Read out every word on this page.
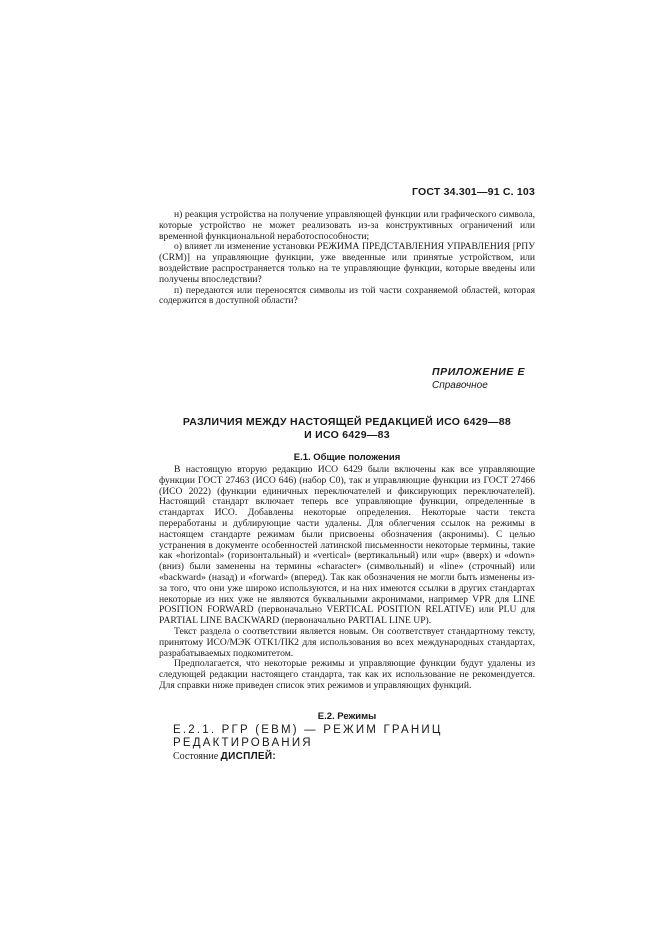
ГОСТ 34.301—91 С. 103

н) реакция устройства на получение управляющей функции или графического символа, которые устройство не может реализовать из-за конструктивных ограничений или временной функциональной неработоспособности;

о) влияет ли изменение установки РЕЖИМА ПРЕДСТАВЛЕНИЯ УПРАВЛЕНИЯ [РПУ (CRM)] на управляющие функции, уже введенные или принятые устройством, или воздействие распространяется только на те управляющие функции, которые введены или получены впоследствии?

п) передаются или переносятся символы из той части сохраняемой областей, которая содержится в доступной области?

ПРИЛОЖЕНИЕ Е
Справочное
РАЗЛИЧИЯ МЕЖДУ НАСТОЯЩЕЙ РЕДАКЦИЕЙ ИСО 6429—88
И ИСО 6429—83
Е.1. Общие положения

В настоящую вторую редакцию ИСО 6429 были включены как все управляющие функции ГОСТ 27463 (ИСО 646) (набор С0), так и управляющие функции из ГОСТ 27466 (ИСО 2022) (функции единичных переключателей и фиксирующих переключателей). Настоящий стандарт включает теперь все управляющие функции, определенные в стандартах ИСО. Добавлены некоторые определения. Некоторые части текста переработаны и дублирующие части удалены. Для облегчения ссылок на режимы в настоящем стандарте режимам были присвоены обозначения (акронимы). С целью устранения в документе особенностей латинской письменности некоторые термины, такие как «horizontal» (горизонтальный) и «vertical» (вертикальный) или «up» (вверх) и «down» (вниз) были заменены на термины «character» (символьный) и «line» (строчный) или «backward» (назад) и «forward» (вперед). Так как обозначения не могли быть изменены из-за того, что они уже широко используются, и на них имеются ссылки в других стандартах некоторые из них уже не являются буквальными акронимами, например VPR для LINE POSITION FORWARD (первоначально VERTICAL POSITION RELATIVE) или PLU для PARTIAL LINE BACKWARD (первоначально PARTIAL LINE UP).

Текст раздела о соответствии является новым. Он соответствует стандартному тексту, принятому ИСО/МЭК ОТК1/ПК2 для использования во всех международных стандартах, разрабатываемых подкомитетом.

Предполагается, что некоторые режимы и управляющие функции будут удалены из следующей редакции настоящего стандарта, так как их использование не рекомендуется. Для справки ниже приведен список этих режимов и управляющих функций.

Е.2. Режимы
Е.2.1. РГР (ЕВМ) — РЕЖИМ ГРАНИЦ РЕДАКТИРОВАНИЯ
Состояние ДИСПЛЕЙ:
